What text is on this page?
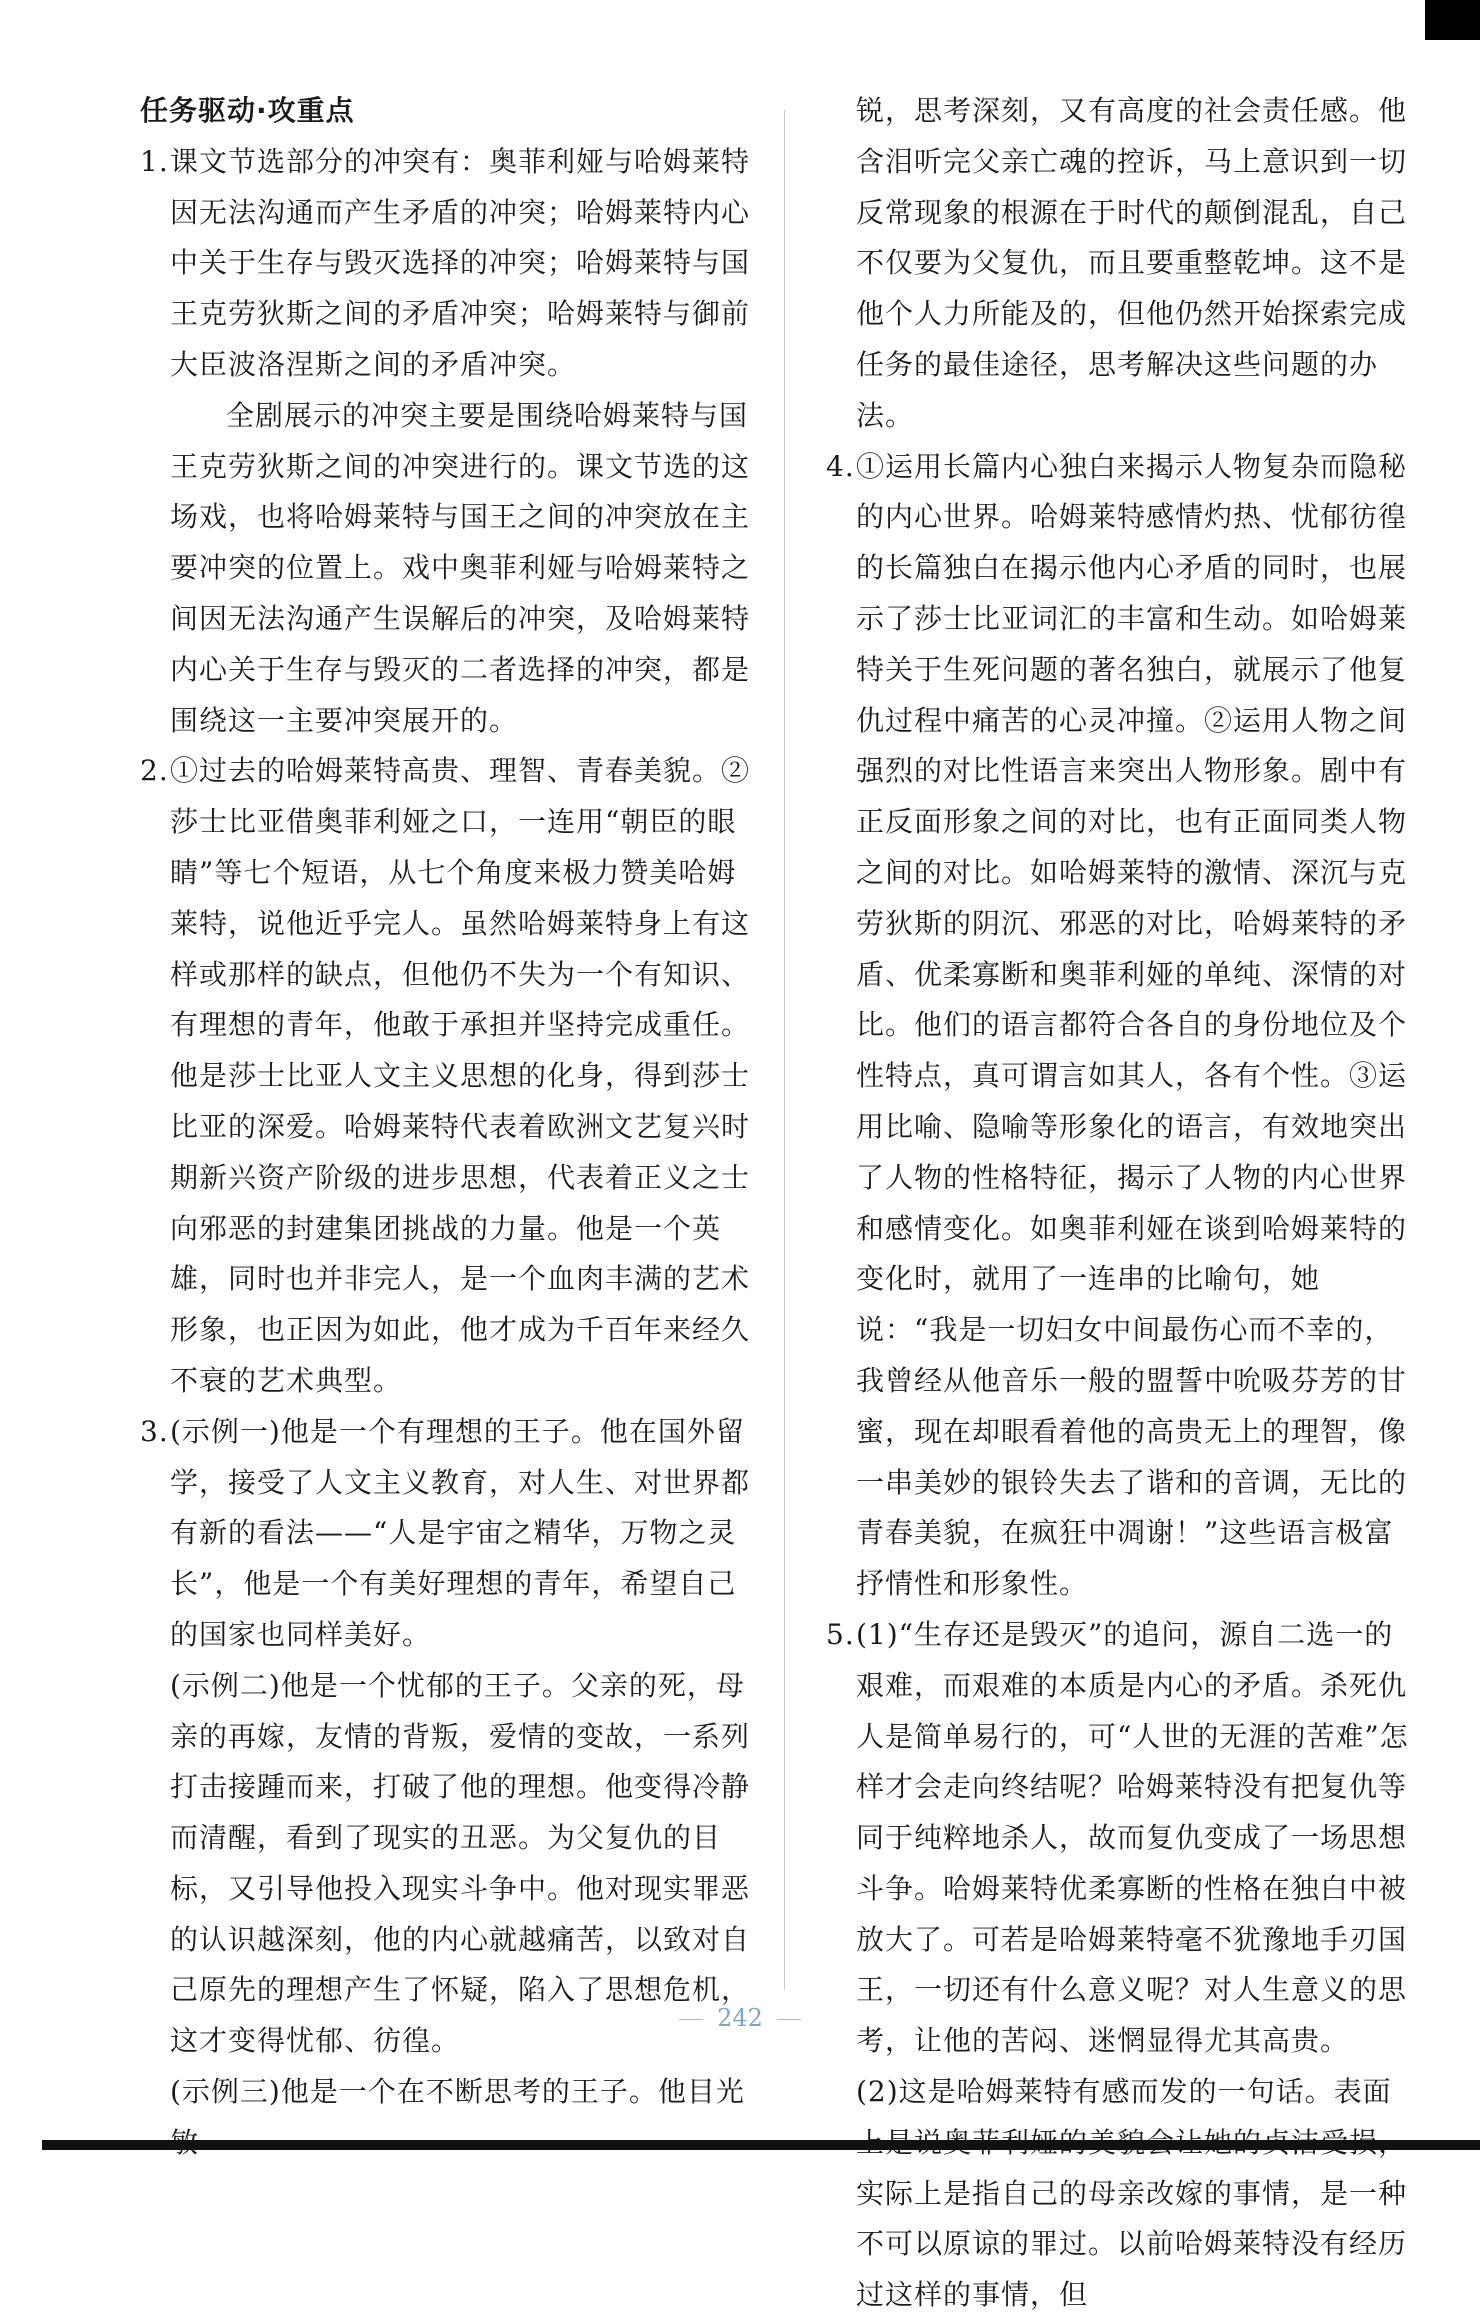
任务驱动·攻重点

1. 课文节选部分的冲突有：奥菲利娅与哈姆莱特因无法沟通而产生矛盾的冲突；哈姆莱特内心中关于生存与毁灭选择的冲突；哈姆莱特与国王克劳狄斯之间的矛盾冲突；哈姆莱特与御前大臣波洛涅斯之间的矛盾冲突。

全剧展示的冲突主要是围绕哈姆莱特与国王克劳狄斯之间的冲突进行的。课文节选的这场戏，也将哈姆莱特与国王之间的冲突放在主要冲突的位置上。戏中奥菲利娅与哈姆莱特之间因无法沟通产生误解后的冲突，及哈姆莱特内心关于生存与毁灭的二者选择的冲突，都是围绕这一主要冲突展开的。

2. ①过去的哈姆莱特高贵、理智、青春美貌。②莎士比亚借奥菲利娅之口，一连用“朝臣的眼睛”等七个短语，从七个角度来极力赞美哈姆莱特，说他近乎完人。虽然哈姆莱特身上有这样或那样的缺点，但他仍不失为一个有知识、有理想的青年，他敢于承担并坚持完成重任。他是莎士比亚人文主义思想的化身，得到莎士比亚的深爱。哈姆莱特代表着欧洲文艺复兴时期新兴资产阶级的进步思想，代表着正义之士向邪恶的封建集团挑战的力量。他是一个英雄，同时也并非完人，是一个血肉丰满的艺术形象，也正因为如此，他才成为千百年来经久不衰的艺术典型。

3. (示例一)他是一个有理想的王子。他在国外留学，接受了人文主义教育，对人生、对世界都有新的看法——“人是宇宙之精华，万物之灵长”，他是一个有美好理想的青年，希望自己的国家也同样美好。

(示例二)他是一个忧郁的王子。父亲的死，母亲的再嫁，友情的背叛，爱情的变故，一系列打击接踵而来，打破了他的理想。他变得冷静而清醒，看到了现实的丑恶。为父复仇的目标，又引导他投入现实斗争中。他对现实罪恶的认识越深刻，他的内心就越痛苦，以致对自己原先的理想产生了怀疑，陷入了思想危机，这才变得忧郁、彷徨。

(示例三)他是一个在不断思考的王子。他目光

锐，思考深刻，又有高度的社会责任感。他含泪听完父亲亡魂的控诉，马上意识到一切反常现象的根源在于时代的颠倒混乱，自己不仅要为父复仇，而且要重整乾坤。这不是他个人力所能及的，但他仍然开始探索完成任务的最佳途径，思考解决这些问题的办法。

4. ①运用长篇内心独白来揭示人物复杂而隐秘的内心世界。哈姆莱特感情灼热、忧郁彷徨的长篇独白在揭示他内心矛盾的同时，也展示了莎士比亚词汇的丰富和生动。如哈姆莱特关于生死问题的著名独白，就展示了他复仇过程中痛苦的心灵冲撞。②运用人物之间强烈的对比性语言来突出人物形象。剧中有正反面形象之间的对比，也有正面同类人物之间的对比。如哈姆莱特的激情、深沉与克劳狄斯的阴沉、邪恶的对比，哈姆莱特的矛盾、优柔寡断和奥菲利娅的单纯、深情的对比。他们的语言都符合各自的身份地位及个性特点，真可谓言如其人，各有个性。③运用比喻、隐喻等形象化的语言，有效地突出了人物的性格特征，揭示了人物的内心世界和感情变化。如奥菲利娅在谈到哈姆莱特的变化时，就用了一连串的比喻句，她说：“我是一切妇女中间最伤心而不幸的，我曾经从他音乐一般的盟誓中吮吸芬芳的甘蜜，现在却眼看着他的高贵无上的理智，像一串美妙的银铃失去了谐和的音调，无比的青春美貌，在疯狂中凋谢！”这些语言极富抒情性和形象性。

5. (1)“生存还是毁灭”的追问，源自二选一的艰难，而艰难的本质是内心的矛盾。杀死仇人是简单易行的，可“人世的无涯的苦难”怎样才会走向终结呢？哈姆莱特没有把复仇等同于纯粹地杀人，故而复仇变成了一场思想斗争。哈姆莱特优柔寡断的性格在独白中被放大了。可若是哈姆莱特毫不犹豫地手刃国王，一切还有什么意义呢？对人生意义的思考，让他的苦闷、迷惘显得尤其高贵。

(2)这是哈姆莱特有感而发的一句话。表面 实际上是指自己的母亲改嫁的事情，是一种不可以原谅的罪过。以前哈姆莱特没有经历过这样的事情，但

242
